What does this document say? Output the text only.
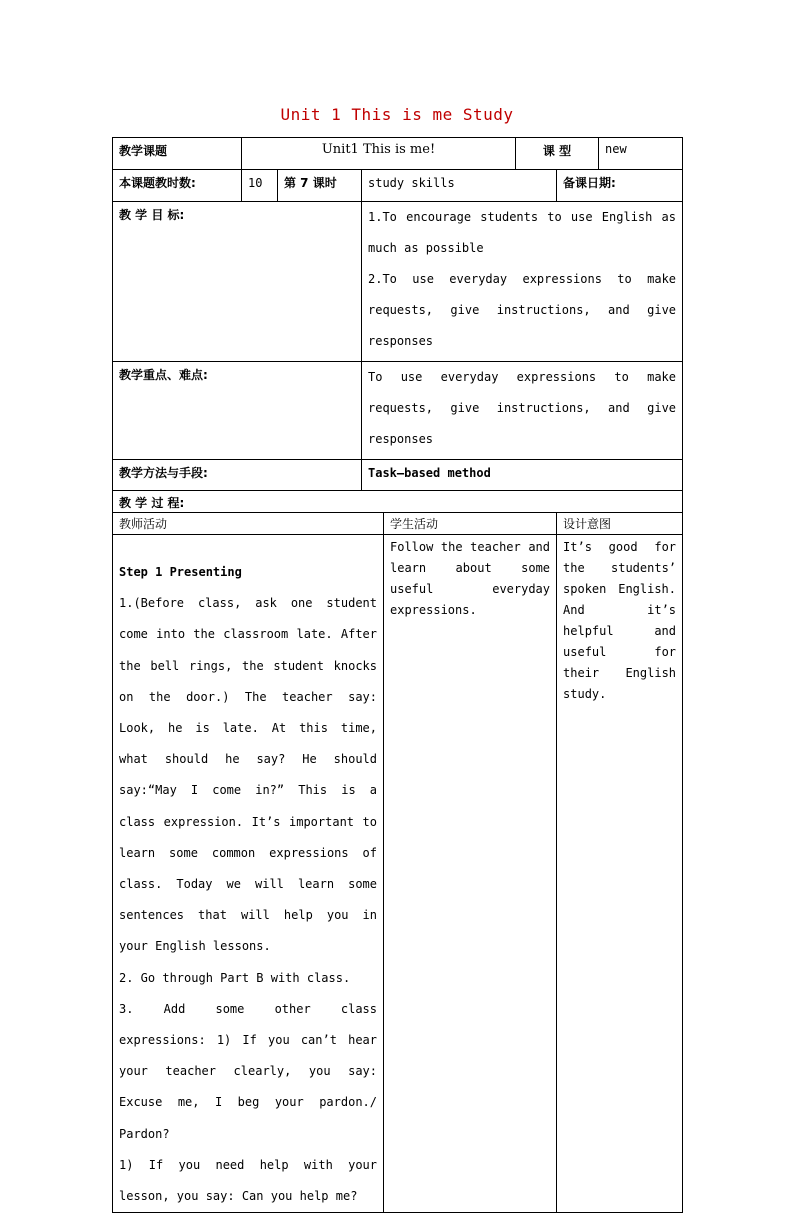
Unit 1 This is me Study
教学课题	Unit1 This is me!				课 型		new
本课题教时数:	10	第 7 课时	study skills			备课日期:	
教 学 目 标:			1.To encourage students to use English as much as possible
2.To use everyday expressions to make requests, give instructions, and give responses				

教学重点、难点:			To use everyday expressions to make requests, give instructions, and give responses				
教学方法与手段:			Task—based method				
教 学 过 程:							
教师活动				学生活动		设计意图	

Step 1 Presenting

1.(Before class, ask one student come into the classroom late. After the bell rings, the student knocks on the door.) The teacher say: Look, he is late. At this time, what should he say? He should say:“May I come in?” This is a class expression. It’s important to learn some common expressions of class. Today we will learn some sentences that will help you in your English lessons.

2. Go through Part B with class.

3. Add some other class expressions: 1) If you can’t hear your teacher clearly, you say: Excuse me, I beg your pardon./ Pardon?

1) If you need help with your lesson, you say: Can you help me?				Follow the teacher and learn about some useful everyday expressions.		It’s good for the students’ spoken English. And it’s helpful and useful for their English study.	
